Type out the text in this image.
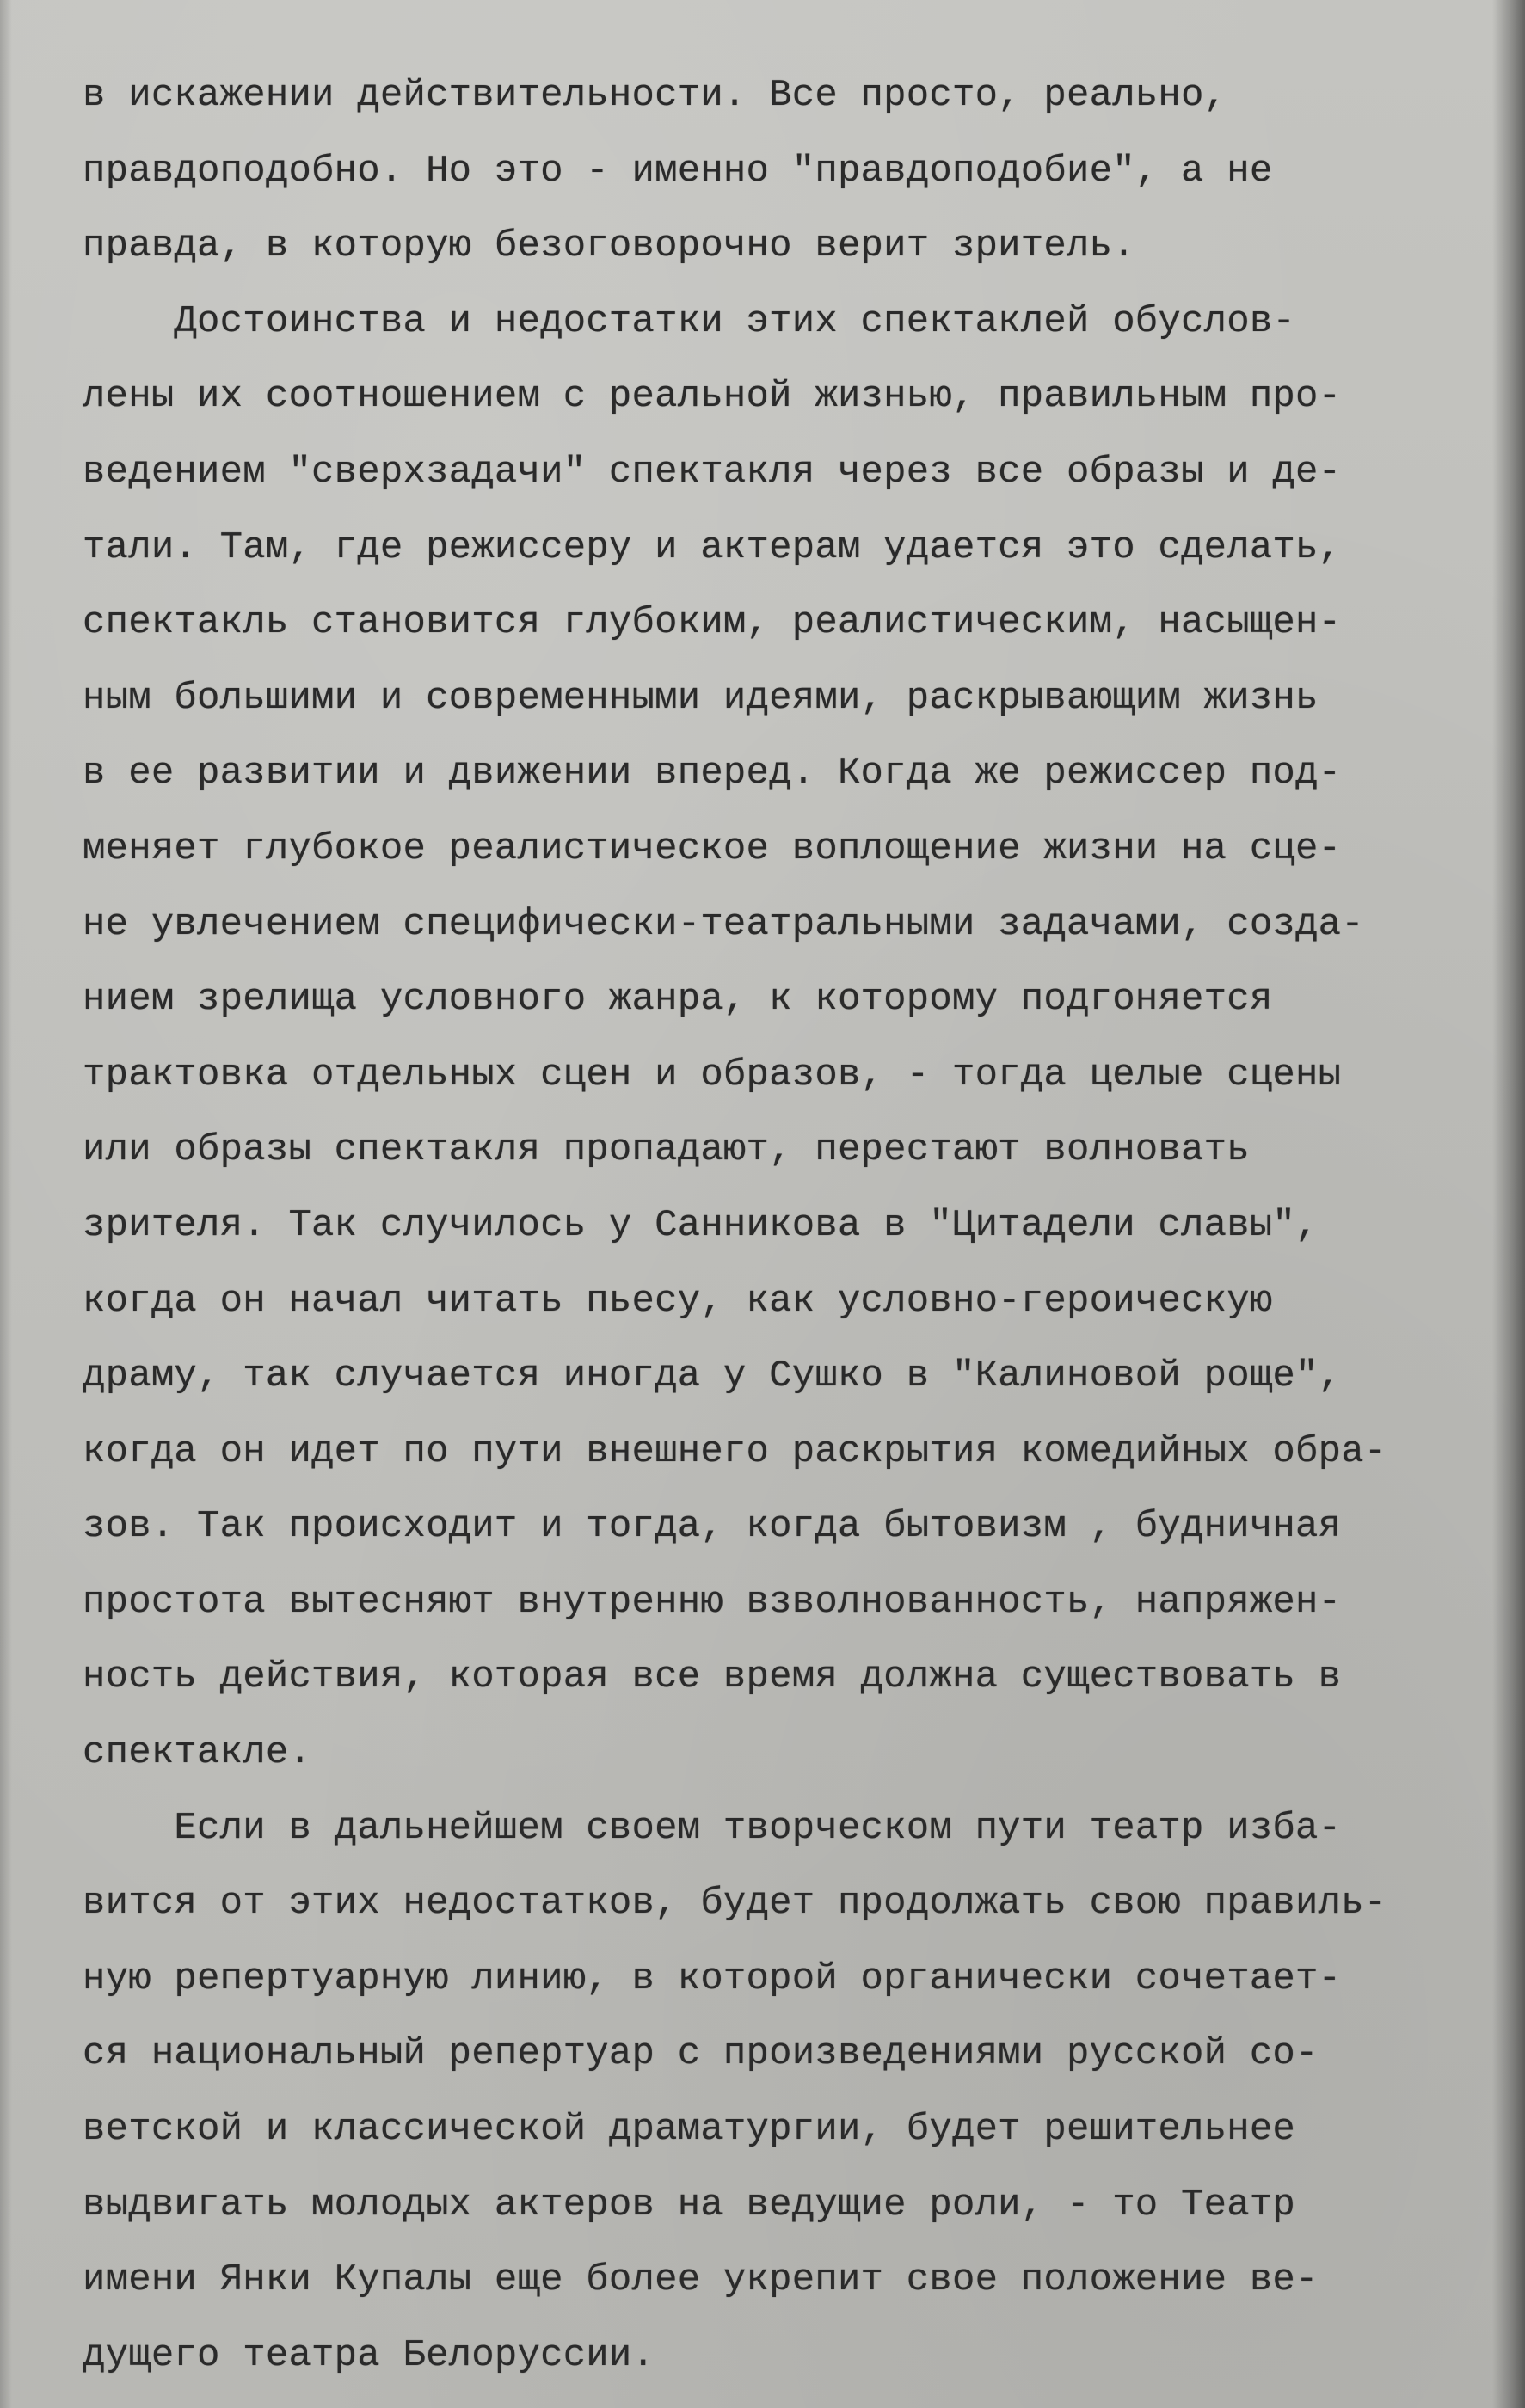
в искажении действительности. Все просто, реально,
правдоподобно. Но это - именно "правдоподобие", а не
правда, в которую безоговорочно верит зритель.
Достоинства и недостатки этих спектаклей обуслов-
лены их соотношением с реальной жизнью, правильным про-
ведением "сверхзадачи" спектакля через все образы и де-
тали. Там, где режиссеру и актерам удается это сделать,
спектакль становится глубоким, реалистическим, насыщен-
ным большими и современными идеями, раскрывающим жизнь
в ее развитии и движении вперед. Когда же режиссер под-
меняет глубокое реалистическое воплощение жизни на сце-
не увлечением специфически-театральными задачами, созда-
нием зрелища условного жанра, к которому подгоняется
трактовка отдельных сцен и образов, - тогда целые сцены
или образы спектакля пропадают, перестают волновать
зрителя. Так случилось у Санникова в "Цитадели славы",
когда он начал читать пьесу, как условно-героическую
драму, так случается иногда у Сушко в "Калиновой роще",
когда он идет по пути внешнего раскрытия комедийных обра-
зов. Так происходит и тогда, когда бытовизм , будничная
простота вытесняют внутренню взволнованность, напряжен-
ность действия, которая все время должна существовать в
спектакле.
Если в дальнейшем своем творческом пути театр изба-
вится от этих недостатков, будет продолжать свою правиль-
ную репертуарную линию, в которой органически сочетает-
ся национальный репертуар с произведениями русской со-
ветской и классической драматургии, будет решительнее
выдвигать молодых актеров на ведущие роли, - то Театр
имени Янки Купалы еще более укрепит свое положение ве-
дущего театра Белоруссии.
